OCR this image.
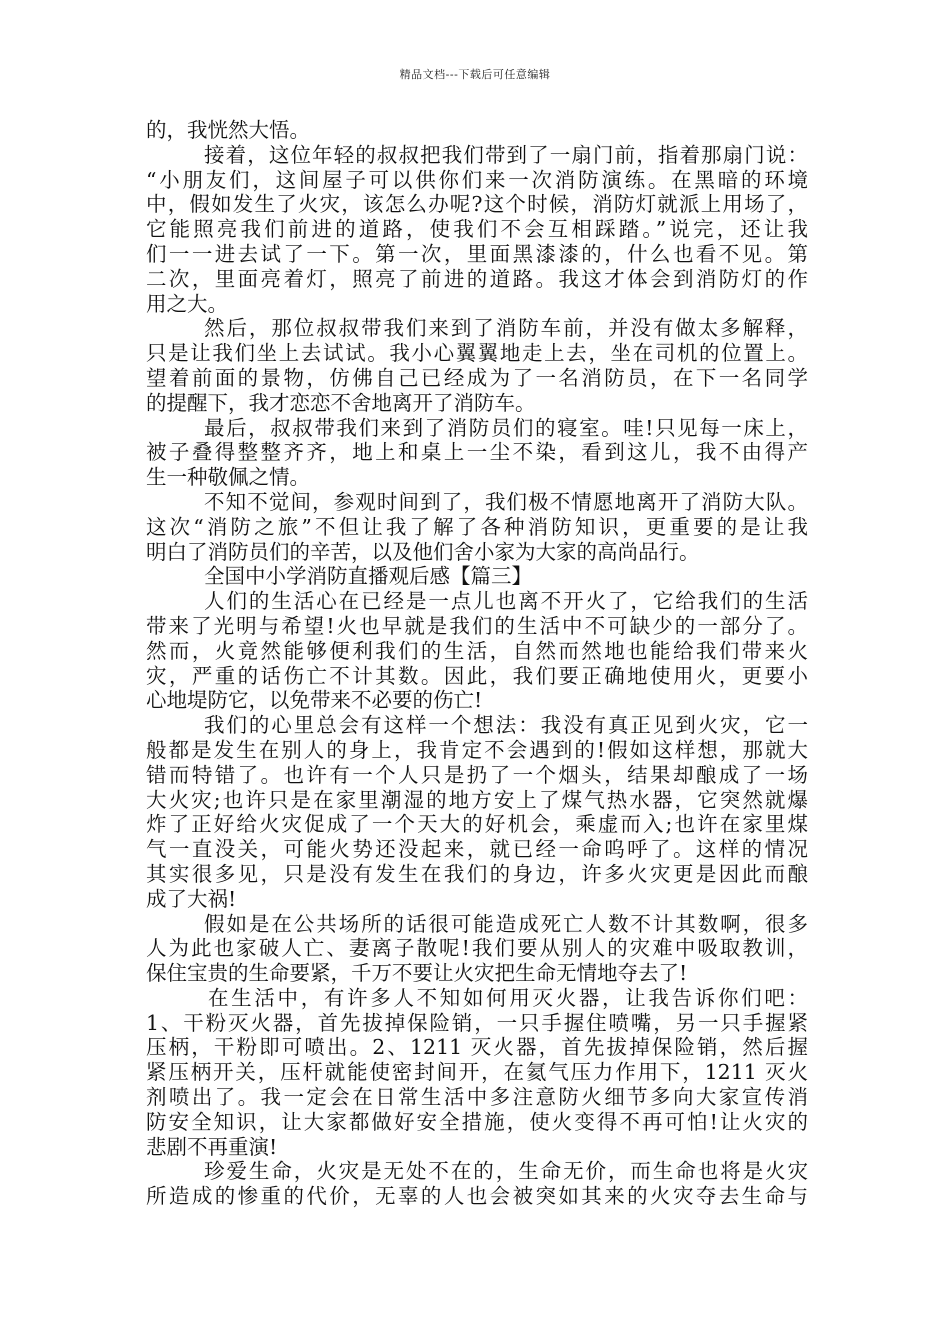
精品文档---下载后可任意编辑
的，我恍然大悟。
接着，这位年轻的叔叔把我们带到了一扇门前，指着那扇门说：
“小朋友们，这间屋子可以供你们来一次消防演练。在黑暗的环境
中，假如发生了火灾，该怎么办呢?这个时候，消防灯就派上用场了，
它能照亮我们前进的道路，使我们不会互相踩踏。”说完，还让我
们一一进去试了一下。第一次，里面黑漆漆的，什么也看不见。第
二次，里面亮着灯，照亮了前进的道路。我这才体会到消防灯的作
用之大。
然后，那位叔叔带我们来到了消防车前，并没有做太多解释，
只是让我们坐上去试试。我小心翼翼地走上去，坐在司机的位置上。
望着前面的景物，仿佛自己已经成为了一名消防员，在下一名同学
的提醒下，我才恋恋不舍地离开了消防车。
最后，叔叔带我们来到了消防员们的寝室。哇!只见每一床上，
被子叠得整整齐齐，地上和桌上一尘不染，看到这儿，我不由得产
生一种敬佩之情。
不知不觉间，参观时间到了，我们极不情愿地离开了消防大队。
这次“消防之旅”不但让我了解了各种消防知识，更重要的是让我
明白了消防员们的辛苦，以及他们舍小家为大家的高尚品行。
全国中小学消防直播观后感【篇三】
人们的生活心在已经是一点儿也离不开火了，它给我们的生活
带来了光明与希望!火也早就是我们的生活中不可缺少的一部分了。
然而，火竟然能够便利我们的生活，自然而然地也能给我们带来火
灾，严重的话伤亡不计其数。因此，我们要正确地使用火，更要小
心地堤防它，以免带来不必要的伤亡!
我们的心里总会有这样一个想法：我没有真正见到火灾，它一
般都是发生在别人的身上，我肯定不会遇到的!假如这样想，那就大
错而特错了。也许有一个人只是扔了一个烟头，结果却酿成了一场
大火灾;也许只是在家里潮湿的地方安上了煤气热水器，它突然就爆
炸了正好给火灾促成了一个天大的好机会，乘虚而入;也许在家里煤
气一直没关，可能火势还没起来，就已经一命呜呼了。这样的情况
其实很多见，只是没有发生在我们的身边，许多火灾更是因此而酿
成了大祸!
假如是在公共场所的话很可能造成死亡人数不计其数啊，很多
人为此也家破人亡、妻离子散呢!我们要从别人的灾难中吸取教训，
保住宝贵的生命要紧，千万不要让火灾把生命无情地夺去了!
在生活中，有许多人不知如何用灭火器，让我告诉你们吧：
1、干粉灭火器，首先拔掉保险销，一只手握住喷嘴，另一只手握紧
压柄，干粉即可喷出。2、1211 灭火器，首先拔掉保险销，然后握
紧压柄开关，压杆就能使密封间开，在氦气压力作用下，1211 灭火
剂喷出了。我一定会在日常生活中多注意防火细节多向大家宣传消
防安全知识，让大家都做好安全措施，使火变得不再可怕!让火灾的
悲剧不再重演!
珍爱生命，火灾是无处不在的，生命无价，而生命也将是火灾
所造成的惨重的代价，无辜的人也会被突如其来的火灾夺去生命与
